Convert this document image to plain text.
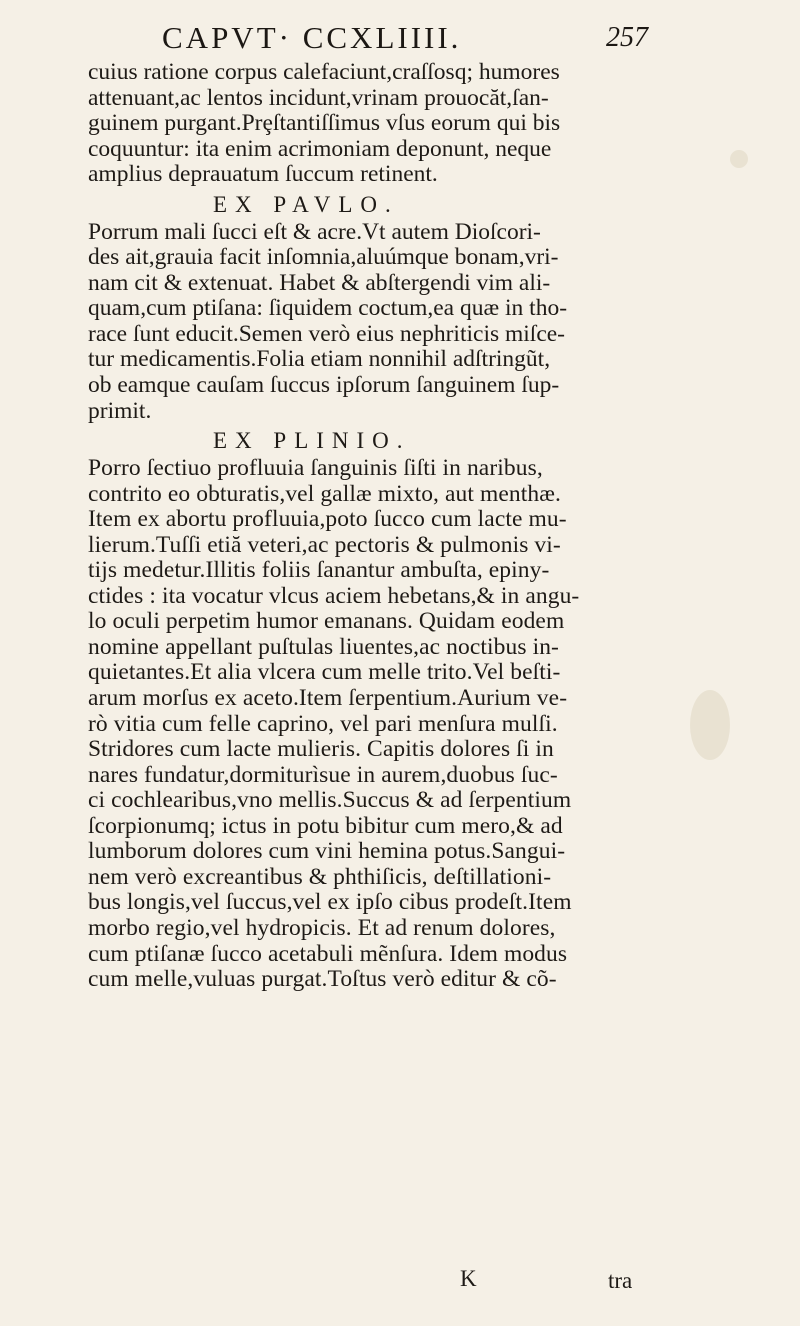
CAPVT· CCXLIIII.	257
cuius ratione corpus calefaciunt,craſſosq; humores
attenuant,ac lentos incidunt,vrinam prouocăt,ſan-
guinem purgant.Prȩſtantiſſimus vſus eorum qui bis
coquuntur: ita enim acrimoniam deponunt, neque
amplius deprauatum ſuccum retinent.
EX PAVLO.
Porrum mali ſucci eſt & acre.Vt autem Dioſcori-
des ait,grauia facit inſomnia,aluúmque bonam,vri-
nam cit & extenuat. Habet & abſtergendi vim ali-
quam,cum ptiſana: ſiquidem coctum,ea quæ in tho-
race ſunt educit.Semen verò eius nephriticis miſce-
tur medicamentis.Folia etiam nonnihil adſtringũt,
ob eamque cauſam ſuccus ipſorum ſanguinem ſup-
primit.
EX PLINIO.
Porro ſectiuo profluuia ſanguinis ſiſti in naribus,
contrito eo obturatis,vel gallæ mixto, aut menthæ.
Item ex abortu profluuia,poto ſucco cum lacte mu-
lierum.Tuſſi etiă veteri,ac pectoris & pulmonis vi-
tijs medetur.Illitis foliis ſanantur ambuſta, epiny-
ctides : ita vocatur vlcus aciem hebetans,& in angu-
lo oculi perpetim humor emanans. Quidam eodem
nomine appellant puſtulas liuentes,ac noctibus in-
quietantes.Et alia vlcera cum melle trito.Vel beſti-
arum morſus ex aceto.Item ſerpentium.Aurium ve-
rò vitia cum felle caprino, vel pari menſura mulſi.
Stridores cum lacte mulieris. Capitis dolores ſi in
nares fundatur,dormiturìsue in aurem,duobus ſuc-
ci cochlearibus,vno mellis.Succus & ad ſerpentium
ſcorpionumq; ictus in potu bibitur cum mero,& ad
lumborum dolores cum vini hemina potus.Sangui-
nem verò excreantibus & phthiſicis, deſtillationi-
bus longis,vel ſuccus,vel ex ipſo cibus prodeſt.Item
morbo regio,vel hydropicis. Et ad renum dolores,
cum ptiſanæ ſucco acetabuli mẽnſura. Idem modus
cum melle,vuluas purgat.Toſtus verò editur & cõ-
K	tra
